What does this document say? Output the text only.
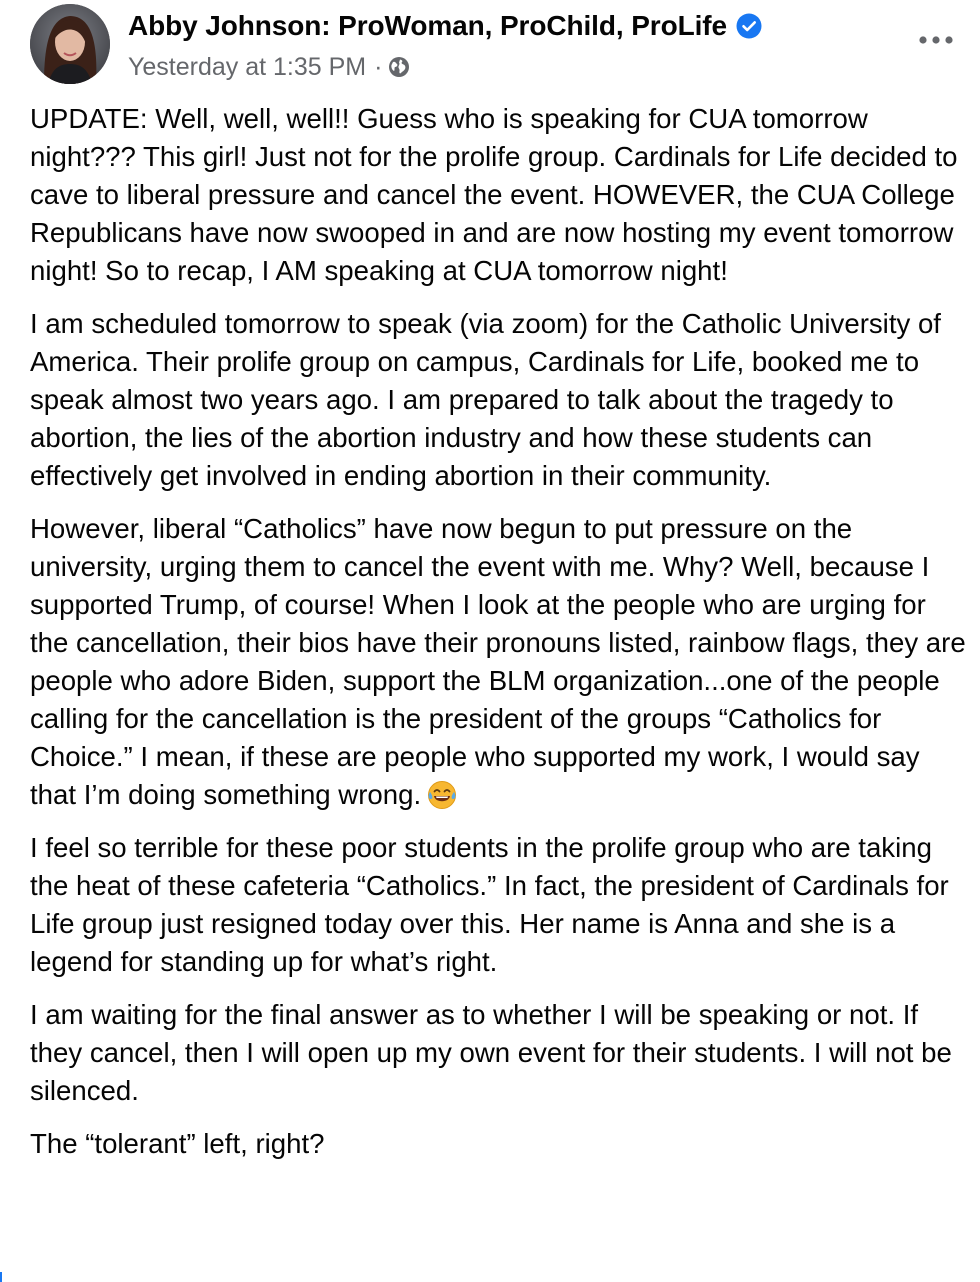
Abby Johnson: ProWoman, ProChild, ProLife
Yesterday at 1:35 PM ·

UPDATE: Well, well, well!! Guess who is speaking for CUA tomorrow night??? This girl! Just not for the prolife group. Cardinals for Life decided to cave to liberal pressure and cancel the event. HOWEVER, the CUA College Republicans have now swooped in and are now hosting my event tomorrow night! So to recap, I AM speaking at CUA tomorrow night!

I am scheduled tomorrow to speak (via zoom) for the Catholic University of America. Their prolife group on campus, Cardinals for Life, booked me to speak almost two years ago. I am prepared to talk about the tragedy to abortion, the lies of the abortion industry and how these students can effectively get involved in ending abortion in their community.

However, liberal “Catholics” have now begun to put pressure on the university, urging them to cancel the event with me. Why? Well, because I supported Trump, of course! When I look at the people who are urging for the cancellation, their bios have their pronouns listed, rainbow flags, they are people who adore Biden, support the BLM organization...one of the people calling for the cancellation is the president of the groups “Catholics for Choice.” I mean, if these are people who supported my work, I would say that I’m doing something wrong.

I feel so terrible for these poor students in the prolife group who are taking the heat of these cafeteria “Catholics.” In fact, the president of Cardinals for Life group just resigned today over this. Her name is Anna and she is a legend for standing up for what’s right.

I am waiting for the final answer as to whether I will be speaking or not. If they cancel, then I will open up my own event for their students. I will not be silenced.

The “tolerant” left, right?
